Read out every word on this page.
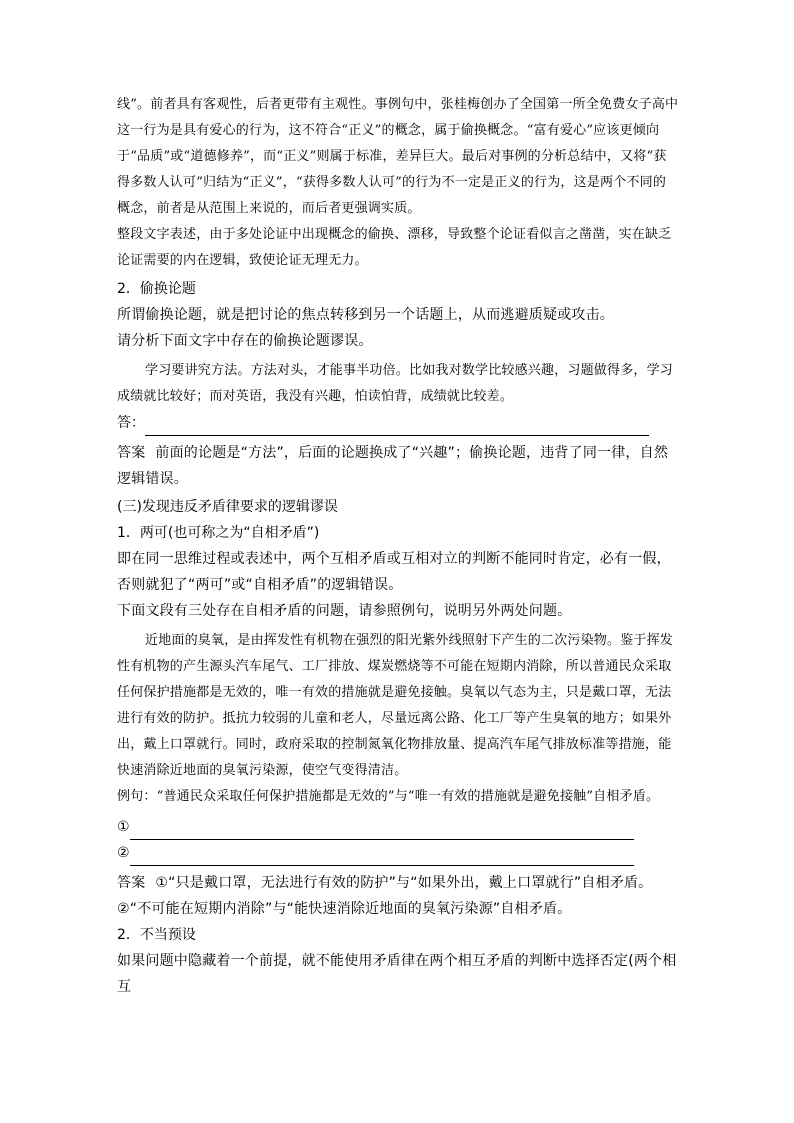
线”。前者具有客观性，后者更带有主观性。事例句中，张桂梅创办了全国第一所全免费女子高中这一行为是具有爱心的行为，这不符合“正义”的概念，属于偷换概念。“富有爱心”应该更倾向于“品质”或“道德修养”，而“正义”则属于标准，差异巨大。最后对事例的分析总结中，又将“获得多数人认可”归结为“正义”，“获得多数人认可”的行为不一定是正义的行为，这是两个不同的概念，前者是从范围上来说的，而后者更强调实质。

整段文字表述，由于多处论证中出现概念的偷换、漂移，导致整个论证看似言之凿凿，实在缺乏论证需要的内在逻辑，致使论证无理无力。

2．偷换论题

所谓偷换论题，就是把讨论的焦点转移到另一个话题上，从而逃避质疑或攻击。

请分析下面文字中存在的偷换论题谬误。

学习要讲究方法。方法对头，才能事半功倍。比如我对数学比较感兴趣，习题做得多，学习成绩就比较好；而对英语，我没有兴趣，怕读怕背，成绩就比较差。

答：

答案 前面的论题是“方法”，后面的论题换成了“兴趣”；偷换论题，违背了同一律，自然逻辑错误。

(三)发现违反矛盾律要求的逻辑谬误

1．两可(也可称之为“自相矛盾”)

即在同一思维过程或表述中，两个互相矛盾或互相对立的判断不能同时肯定，必有一假，否则就犯了“两可”或“自相矛盾”的逻辑错误。

下面文段有三处存在自相矛盾的问题，请参照例句，说明另外两处问题。

近地面的臭氧，是由挥发性有机物在强烈的阳光紫外线照射下产生的二次污染物。鉴于挥发性有机物的产生源头汽车尾气、工厂排放、煤炭燃烧等不可能在短期内消除，所以普通民众采取任何保护措施都是无效的，唯一有效的措施就是避免接触。臭氧以气态为主，只是戴口罩，无法进行有效的防护。抵抗力较弱的儿童和老人，尽量远离公路、化工厂等产生臭氧的地方；如果外出，戴上口罩就行。同时，政府采取的控制氮氧化物排放量、提高汽车尾气排放标准等措施，能快速消除近地面的臭氧污染源，使空气变得清洁。

例句：“普通民众采取任何保护措施都是无效的”与“唯一有效的措施就是避免接触”自相矛盾。

①
②

答案 ①“只是戴口罩，无法进行有效的防护”与“如果外出，戴上口罩就行”自相矛盾。

②“不可能在短期内消除”与“能快速消除近地面的臭氧污染源”自相矛盾。

2．不当预设

如果问题中隐藏着一个前提，就不能使用矛盾律在两个相互矛盾的判断中选择否定(两个相互
